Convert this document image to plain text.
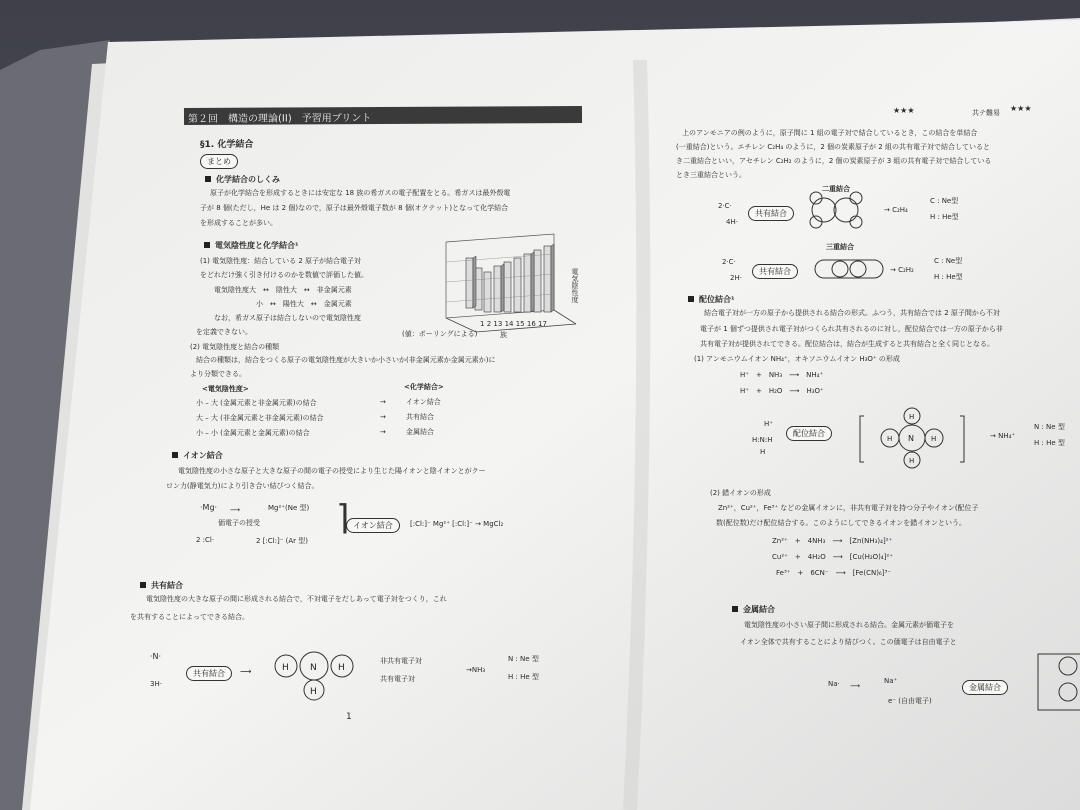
第２回　構造の理論(II)　予習用プリント
★★★	共テ難易 ★★★
§1. 化学結合
まとめ
化学結合のしくみ
原子が化学結合を形成するときには安定な 18 族の希ガスの電子配置をとる。希ガスは最外殻電
子が 8 個(ただし，He は 2 個)なので，原子は最外殻電子数が 8 個(オクテット)となって化学結合
を形成することが多い。
電気陰性度と化学結合¹
(1) 電気陰性度：結合している 2 原子が結合電子対
をどれだけ強く引き付けるのかを数値で評価した値。
電気陰性度大　↔　陰性大　↔　非金属元素
小　↔　陽性大　↔　金属元素
なお，希ガス原子は結合しないので電気陰性度
を定義できない。
(2) 電気陰性度と結合の種類
結合の種類は，結合をつくる原子の電気陰性度が大きいか小さいか(非金属元素か金属元素か)に
より分類できる。
電気陰性度
(値：ポーリングによる)	族
1 2 13 14 15 16 17
<電気陰性度>	<化学結合>
小 – 大 (金属元素と非金属元素)の結合	→	イオン結合
大 – 大 (非金属元素と非金属元素)の結合	→	共有結合
小 – 小 (金属元素と金属元素)の結合	→	金属結合
イオン結合
電気陰性度の小さな原子と大きな原子の間の電子の授受により生じた陽イオンと陰イオンとがクー
ロン力(静電気力)により引き合い結びつく結合。
·Mg· ⟶	Mg²⁺(Ne 型)
価電子の授受
2 :Cl·	2 [:Cl:]⁻ (Ar 型)
イオン結合	[:Cl:]⁻ Mg²⁺ [:Cl:]⁻ → MgCl₂
⌉
共有結合
電気陰性度の大きな原子の間に形成される結合で，不対電子をだしあって電子対をつくり，これ
を共有することによってできる結合。
·N·
3H·
共有結合	⟶	H N H
H
非共有電子対
共有電子対
→NH₃
N : Ne 型
H : He 型
1
上のアンモニアの例のように，原子間に 1 組の電子対で結合しているとき，この結合を単結合
(一重結合)という。エチレン C₂H₄ のように，2 個の炭素原子が 2 組の共有電子対で結合していると
き二重結合といい，アセチレン C₂H₂ のように，2 個の炭素原子が 3 組の共有電子対で結合している
とき三重結合という。
二重結合
2·C·
4H·
共有結合	→ C₂H₄
C : Ne型
H : He型
三重結合
2·C·
2H·
共有結合	→ C₂H₂
C : Ne型
H : He型
配位結合¹
結合電子対が一方の原子から提供される結合の形式。ふつう，共有結合では 2 原子間から不対
電子が 1 個ずつ提供され電子対がつくられ共有されるのに対し，配位結合では一方の原子から非
共有電子対が提供されてできる。配位結合は，結合が生成すると共有結合と全く同じとなる。
(1) アンモニウムイオン NH₄⁺，オキソニウムイオン H₃O⁺ の形成
H⁺　+　NH₃　⟶　NH₄⁺
H⁺　+　H₂O　⟶　H₃O⁺
H⁺
H:N:H
H
配位結合
N
H	H
H
H
→ NH₄⁺
N : Ne 型
H : He 型
(2) 錯イオンの形成
Zn²⁺，Cu²⁺，Fe³⁺ などの金属イオンに，非共有電子対を持つ分子やイオン(配位子
数(配位数)だけ配位結合する。このようにしてできるイオンを錯イオンという。
Zn²⁺　 +　 4NH₃　 ⟶　 [Zn(NH₃)₄]²⁺
Cu²⁺　 +　 4H₂O　 ⟶　 [Cu(H₂O)₄]²⁺
Fe³⁺　 +　 6CN⁻　 ⟶　 [Fe(CN)₆]³⁻
金属結合
電気陰性度の小さい原子間に形成される結合。金属元素が価電子を
イオン全体で共有することにより結びつく。この価電子は自由電子と
Na· ⟶
Na⁺
e⁻ (自由電子)
金属結合
